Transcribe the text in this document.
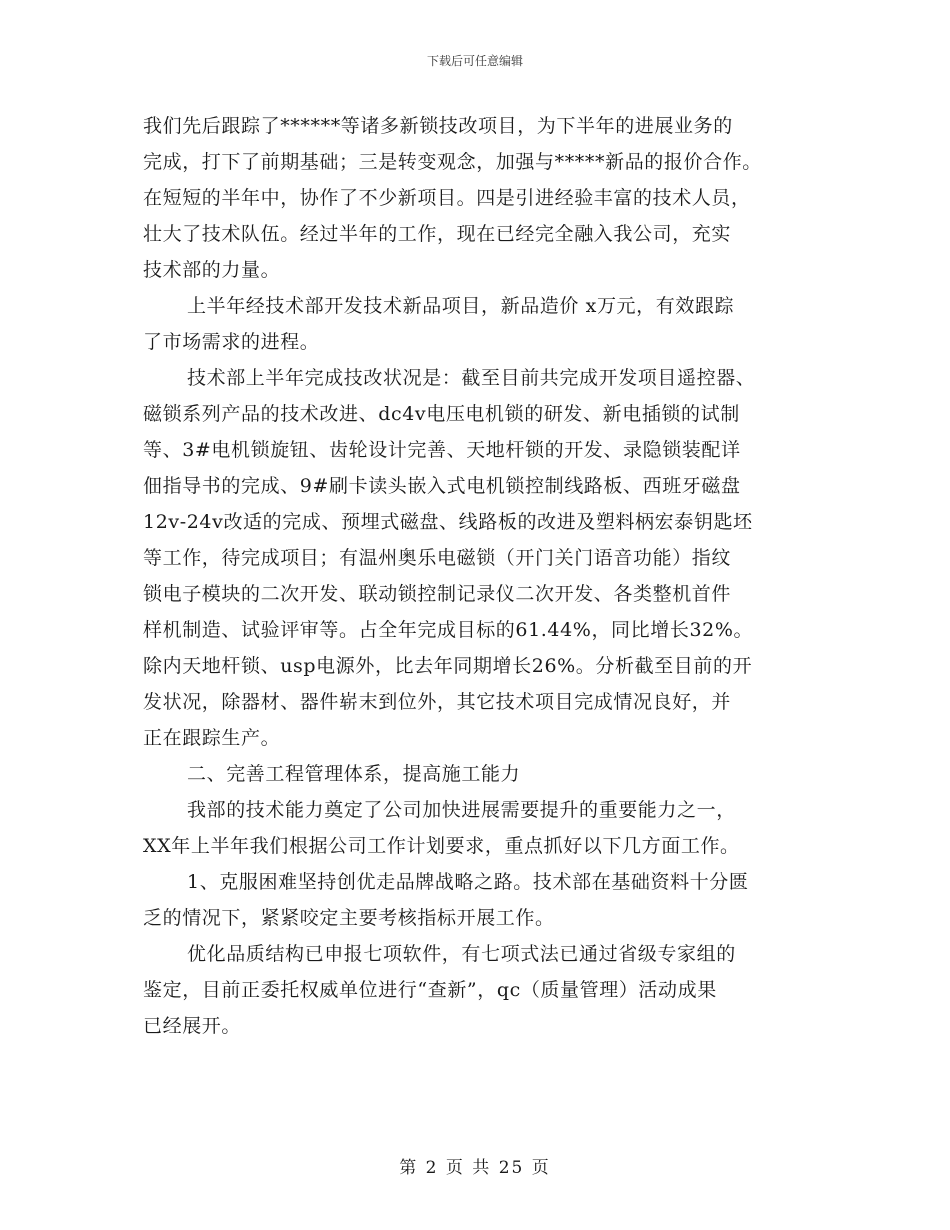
下载后可任意编辑
我们先后跟踪了******等诸多新锁技改项目，为下半年的进展业务的
完成，打下了前期基础；三是转变观念，加强与*****新品的报价合作。
在短短的半年中，协作了不少新项目。四是引进经验丰富的技术人员，
壮大了技术队伍。经过半年的工作，现在已经完全融入我公司，充实
技术部的力量。
上半年经技术部开发技术新品项目，新品造价 x万元，有效跟踪
了市场需求的进程。
技术部上半年完成技改状况是：截至目前共完成开发项目遥控器、
磁锁系列产品的技术改进、dc4v电压电机锁的研发、新电插锁的试制
等、3#电机锁旋钮、齿轮设计完善、天地杆锁的开发、录隐锁装配详
佃指导书的完成、9#刷卡读头嵌入式电机锁控制线路板、西班牙磁盘
12v-24v改适的完成、预埋式磁盘、线路板的改进及塑料柄宏泰钥匙坯
等工作，待完成项目；有温州奥乐电磁锁（开门关门语音功能）指纹
锁电子模块的二次开发、联动锁控制记录仪二次开发、各类整机首件
样机制造、试验评审等。占全年完成目标的61.44%，同比增长32%。
除内天地杆锁、usp电源外，比去年同期增长26%。分析截至目前的开
发状况，除器材、器件崭末到位外，其它技术项目完成情况良好，并
正在跟踪生产。
二、完善工程管理体系，提高施工能力
我部的技术能力奠定了公司加快进展需要提升的重要能力之一，
XX年上半年我们根据公司工作计划要求，重点抓好以下几方面工作。
1、克服困难坚持创优走品牌战略之路。技术部在基础资料十分匮
乏的情况下，紧紧咬定主要考核指标开展工作。
优化品质结构已申报七项软件，有七项式法已通过省级专家组的
鉴定，目前正委托权威单位进行“查新”，qc（质量管理）活动成果
已经展开。
第 2 页 共 25 页
